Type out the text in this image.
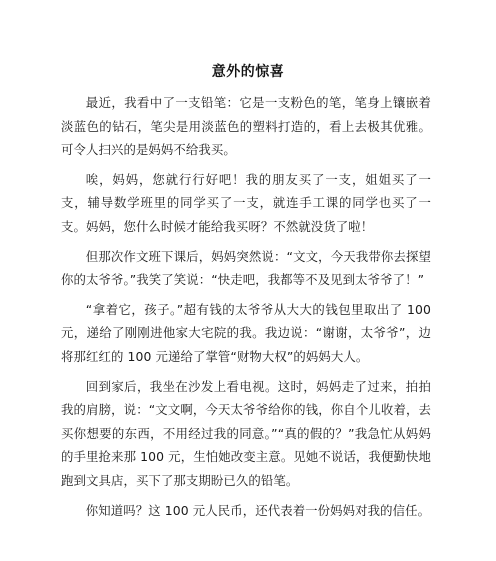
意外的惊喜

最近，我看中了一支铅笔：它是一支粉色的笔，笔身上镶嵌着淡蓝色的钻石，笔尖是用淡蓝色的塑料打造的，看上去极其优雅。可令人扫兴的是妈妈不给我买。

唉，妈妈，您就行行好吧！我的朋友买了一支，姐姐买了一支，辅导数学班里的同学买了一支，就连手工课的同学也买了一支。妈妈，您什么时候才能给我买呀？不然就没货了啦！

但那次作文班下课后，妈妈突然说：“文文，今天我带你去探望你的太爷爷。”我笑了笑说：“快走吧，我都等不及见到太爷爷了！”

“拿着它，孩子。”超有钱的太爷爷从大大的钱包里取出了 100 元，递给了刚刚进他家大宅院的我。我边说：“谢谢，太爷爷”，边将那红红的 100 元递给了掌管“财物大权”的妈妈大人。

回到家后，我坐在沙发上看电视。这时，妈妈走了过来，拍拍我的肩膀，说：“文文啊，今天太爷爷给你的钱，你自个儿收着，去买你想要的东西，不用经过我的同意。”“真的假的？”我急忙从妈妈的手里抢来那 100 元，生怕她改变主意。见她不说话，我便勤快地跑到文具店，买下了那支期盼已久的铅笔。

你知道吗？这 100 元人民币，还代表着一份妈妈对我的信任。
